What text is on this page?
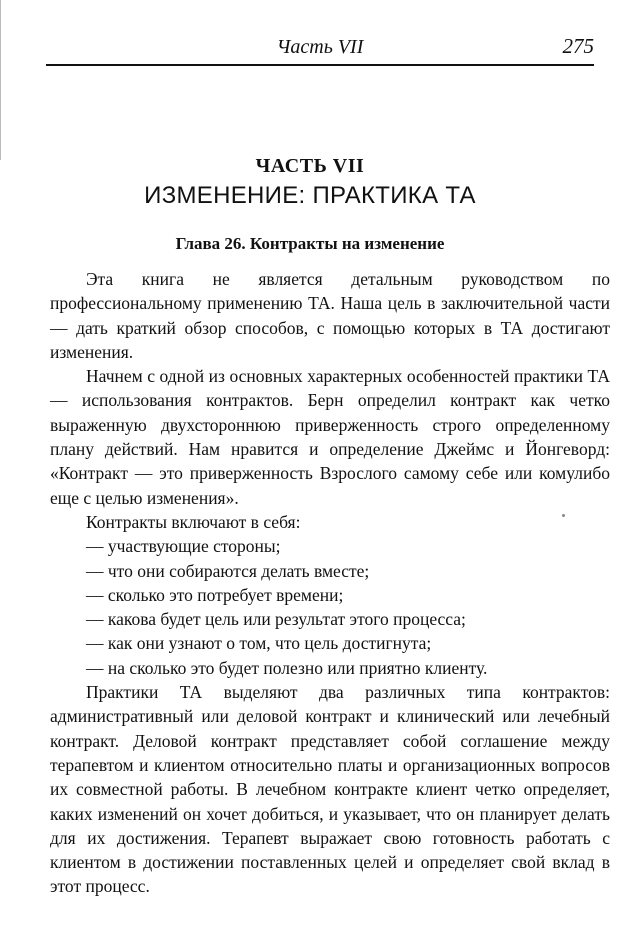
Часть VII	275
ЧАСТЬ VII
ИЗМЕНЕНИЕ: ПРАКТИКА ТА
Глава 26. Контракты на изменение

Эта книга не является детальным руководством по профессиональному применению ТА. Наша цель в заключительной части — дать краткий обзор способов, с помощью которых в ТА достигают изменения.

Начнем с одной из основных характерных особенностей практики ТА — использования контрактов. Берн определил контракт как четко выраженную двухстороннюю приверженность строго определенному плану действий. Нам нравится и определение Джеймс и Йонгеворд: «Контракт — это приверженность Взрослого самому себе или комулибо еще с целью изменения».

Контракты включают в себя:

— участвующие стороны;

— что они собираются делать вместе;

— сколько это потребует времени;

— какова будет цель или результат этого процесса;

— как они узнают о том, что цель достигнута;

— на сколько это будет полезно или приятно клиенту.

Практики ТА выделяют два различных типа контрактов: административный или деловой контракт и клинический или лечебный контракт. Деловой контракт представляет собой соглашение между терапевтом и клиентом относительно платы и организационных вопросов их совместной работы. В лечебном контракте клиент четко определяет, каких изменений он хочет добиться, и указывает, что он планирует делать для их достижения. Терапевт выражает свою готовность работать с клиентом в достижении поставленных целей и определяет свой вклад в этот процесс.
